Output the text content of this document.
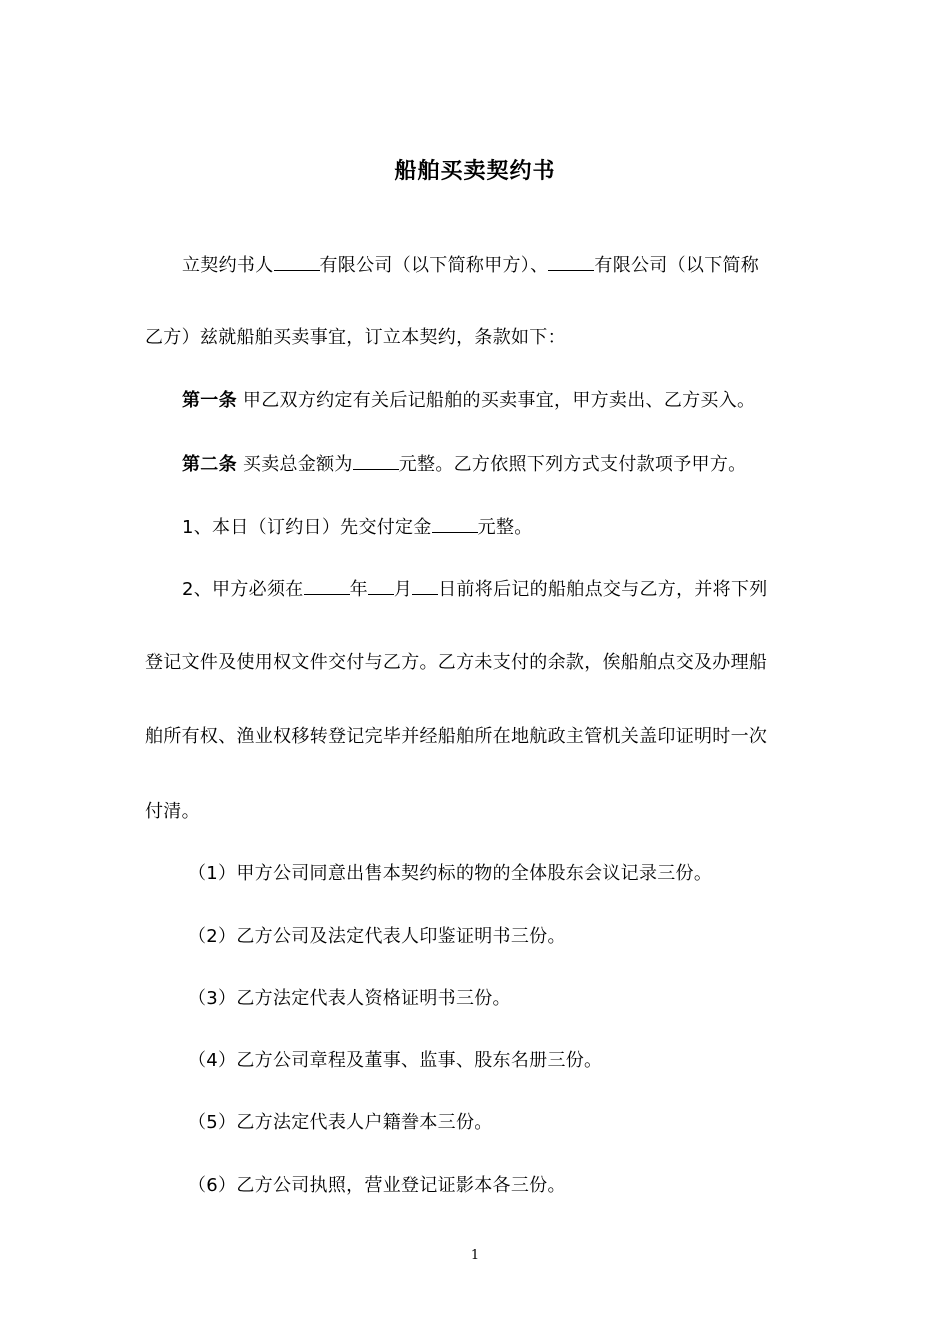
船舶买卖契约书
立契约书人	有限公司（以下简称甲方）、	有限公司（以下简称
乙方）兹就船舶买卖事宜，订立本契约，条款如下：
第一条 甲乙双方约定有关后记船舶的买卖事宜，甲方卖出、乙方买入。
第二条 买卖总金额为	元整。乙方依照下列方式支付款项予甲方。
1、本日（订约日）先交付定金	元整。
2、甲方必须在	年 月 日前将后记的船舶点交与乙方，并将下列
登记文件及使用权文件交付与乙方。乙方未支付的余款，俟船舶点交及办理船
舶所有权、渔业权移转登记完毕并经船舶所在地航政主管机关盖印证明时一次
付清。
（1）甲方公司同意出售本契约标的物的全体股东会议记录三份。
（2）乙方公司及法定代表人印鉴证明书三份。
（3）乙方法定代表人资格证明书三份。
（4）乙方公司章程及董事、监事、股东名册三份。
（5）乙方法定代表人户籍誊本三份。
（6）乙方公司执照，营业登记证影本各三份。
1
